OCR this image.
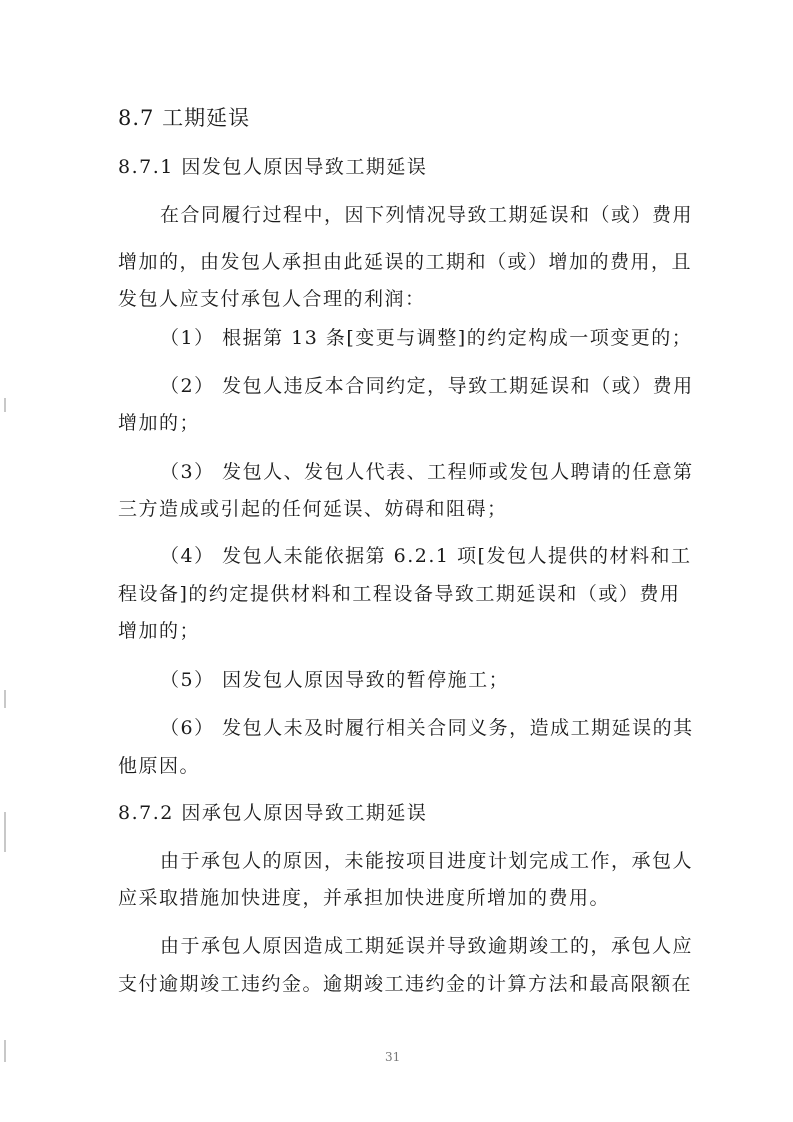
8.7 工期延误
8.7.1 因发包人原因导致工期延误
在合同履行过程中，因下列情况导致工期延误和（或）费用
增加的，由发包人承担由此延误的工期和（或）增加的费用，且
发包人应支付承包人合理的利润：
（1） 根据第 13 条[变更与调整]的约定构成一项变更的；
（2） 发包人违反本合同约定，导致工期延误和（或）费用
增加的；
（3） 发包人、发包人代表、工程师或发包人聘请的任意第
三方造成或引起的任何延误、妨碍和阻碍；
（4） 发包人未能依据第 6.2.1 项[发包人提供的材料和工
程设备]的约定提供材料和工程设备导致工期延误和（或）费用
增加的；
（5） 因发包人原因导致的暂停施工；
（6） 发包人未及时履行相关合同义务，造成工期延误的其
他原因。
8.7.2 因承包人原因导致工期延误
由于承包人的原因，未能按项目进度计划完成工作，承包人
应采取措施加快进度，并承担加快进度所增加的费用。
由于承包人原因造成工期延误并导致逾期竣工的，承包人应
支付逾期竣工违约金。逾期竣工违约金的计算方法和最高限额在
31
